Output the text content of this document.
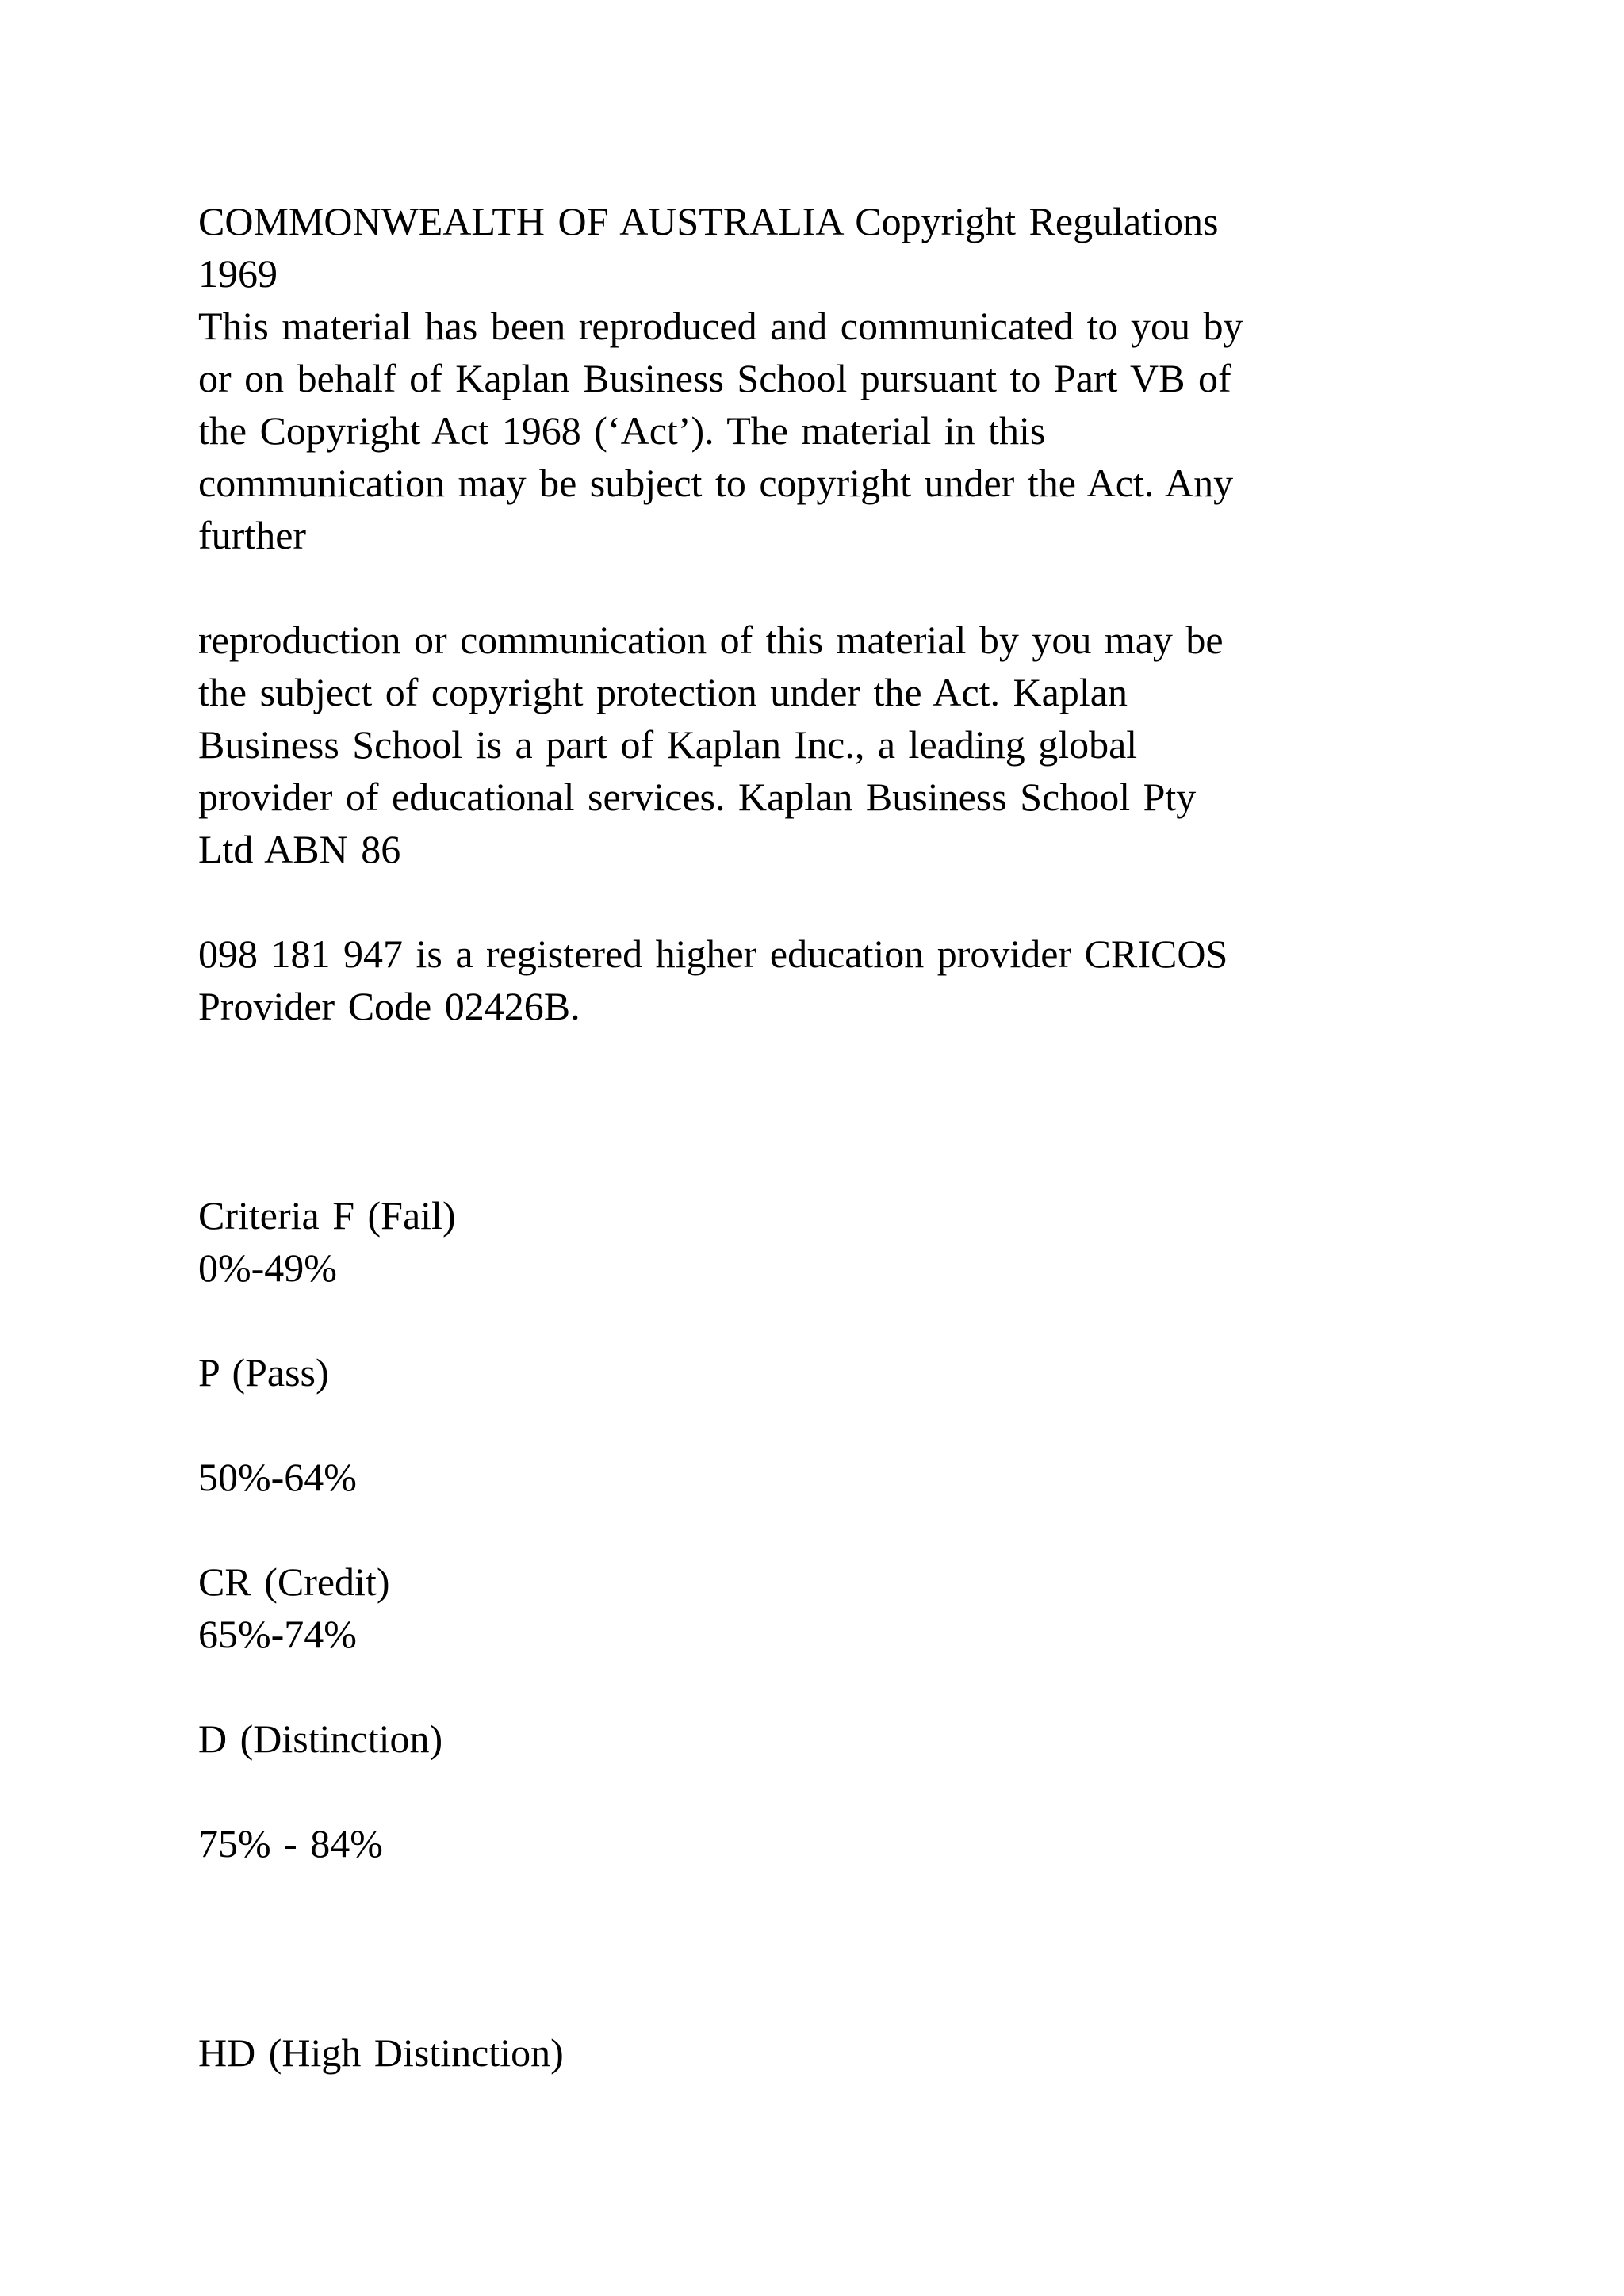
COMMONWEALTH OF AUSTRALIA Copyright Regulations

1969

This material has been reproduced and communicated to you by

or on behalf of Kaplan Business School pursuant to Part VB of

the Copyright Act 1968 (‘Act’). The material in this

communication may be subject to copyright under the Act. Any

further

reproduction or communication of this material by you may be

the subject of copyright protection under the Act. Kaplan

Business School is a part of Kaplan Inc., a leading global

provider of educational services. Kaplan Business School Pty

Ltd ABN 86

098 181 947 is a registered higher education provider CRICOS

Provider Code 02426B.

Criteria F (Fail)

0%-49%

P (Pass)

50%-64%

CR (Credit)

65%-74%

D (Distinction)

75% - 84%

HD (High Distinction)
